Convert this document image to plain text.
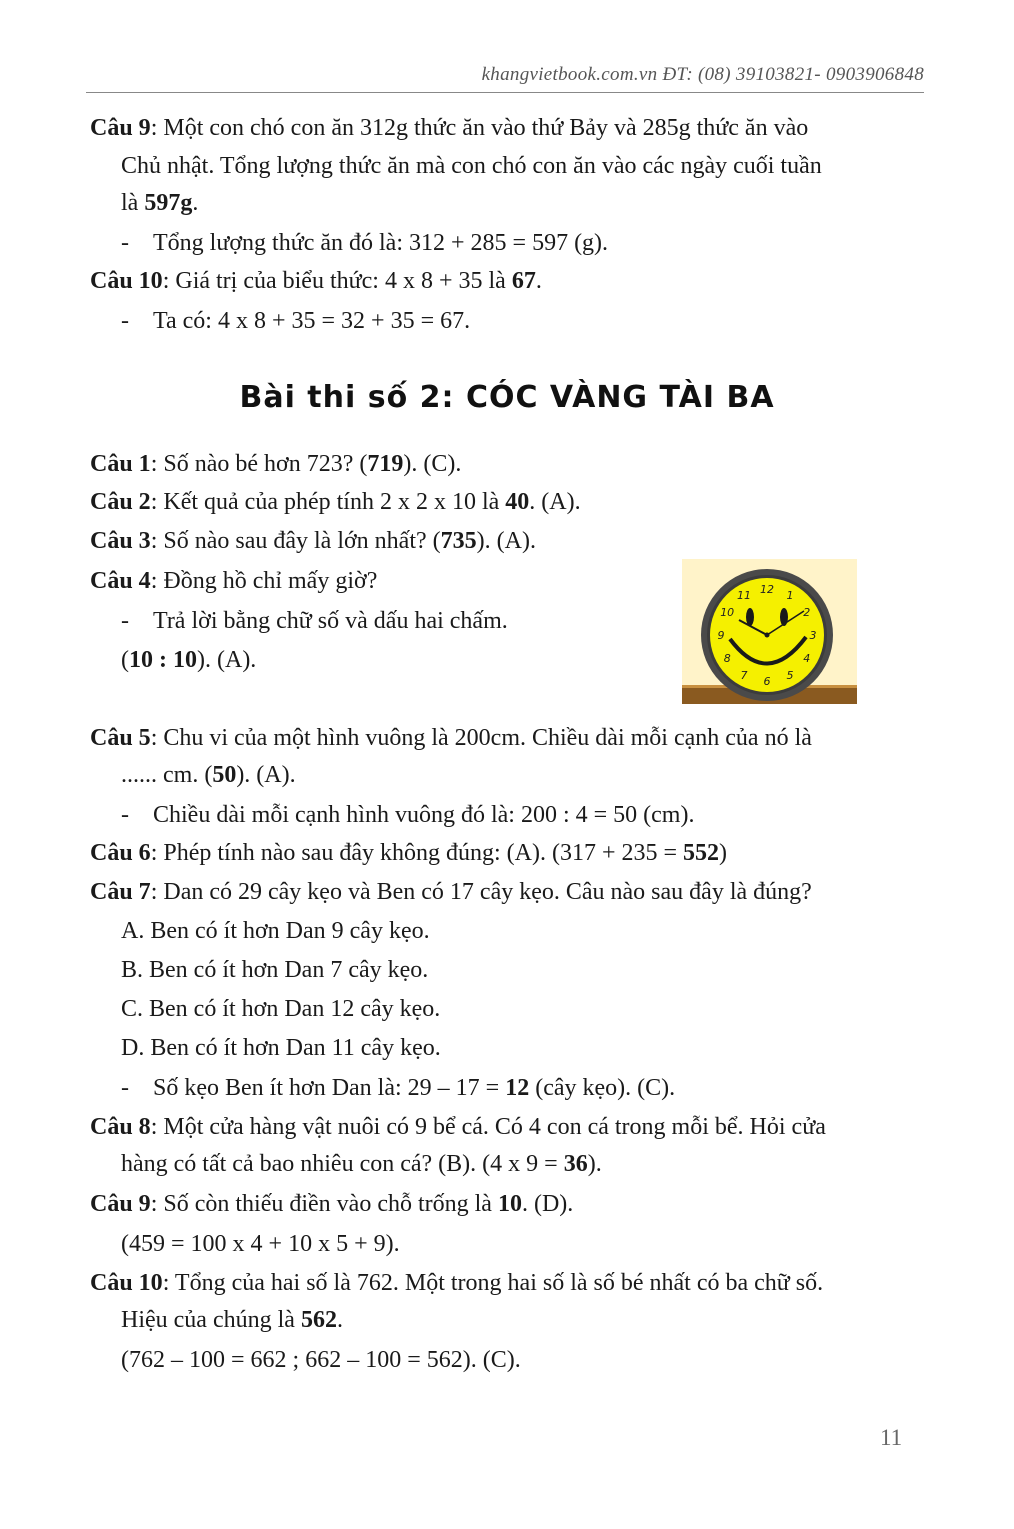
khangvietbook.com.vn ĐT: (08) 39103821- 0903906848
Câu 9: Một con chó con ăn 312g thức ăn vào thứ Bảy và 285g thức ăn vào
Chủ nhật. Tổng lượng thức ăn mà con chó con ăn vào các ngày cuối tuần
là 597g.
- Tổng lượng thức ăn đó là: 312 + 285 = 597 (g).
Câu 10: Giá trị của biểu thức: 4 x 8 + 35 là 67.
- Ta có: 4 x 8 + 35 = 32 + 35 = 67.
Bài thi số 2: CÓC VÀNG TÀI BA
Câu 1: Số nào bé hơn 723? (719). (C).
Câu 2: Kết quả của phép tính 2 x 2 x 10 là 40. (A).
Câu 3: Số nào sau đây là lớn nhất? (735). (A).
Câu 4: Đồng hồ chỉ mấy giờ?
- Trả lời bằng chữ số và dấu hai chấm.
(10 : 10). (A).
12 1
2
3
4
5
6
7
8
9
10
11
Câu 5: Chu vi của một hình vuông là 200cm. Chiều dài mỗi cạnh của nó là
...... cm. (50). (A).
- Chiều dài mỗi cạnh hình vuông đó là: 200 : 4 = 50 (cm).
Câu 6: Phép tính nào sau đây không đúng: (A). (317 + 235 = 552)
Câu 7: Dan có 29 cây kẹo và Ben có 17 cây kẹo. Câu nào sau đây là đúng?
A. Ben có ít hơn Dan 9 cây kẹo.
B. Ben có ít hơn Dan 7 cây kẹo.
C. Ben có ít hơn Dan 12 cây kẹo.
D. Ben có ít hơn Dan 11 cây kẹo.
- Số kẹo Ben ít hơn Dan là: 29 – 17 = 12 (cây kẹo). (C).
Câu 8: Một cửa hàng vật nuôi có 9 bể cá. Có 4 con cá trong mỗi bể. Hỏi cửa
hàng có tất cả bao nhiêu con cá? (B). (4 x 9 = 36).
Câu 9: Số còn thiếu điền vào chỗ trống là 10. (D).
(459 = 100 x 4 + 10 x 5 + 9).
Câu 10: Tổng của hai số là 762. Một trong hai số là số bé nhất có ba chữ số.
Hiệu của chúng là 562.
(762 – 100 = 662 ; 662 – 100 = 562). (C).
11
